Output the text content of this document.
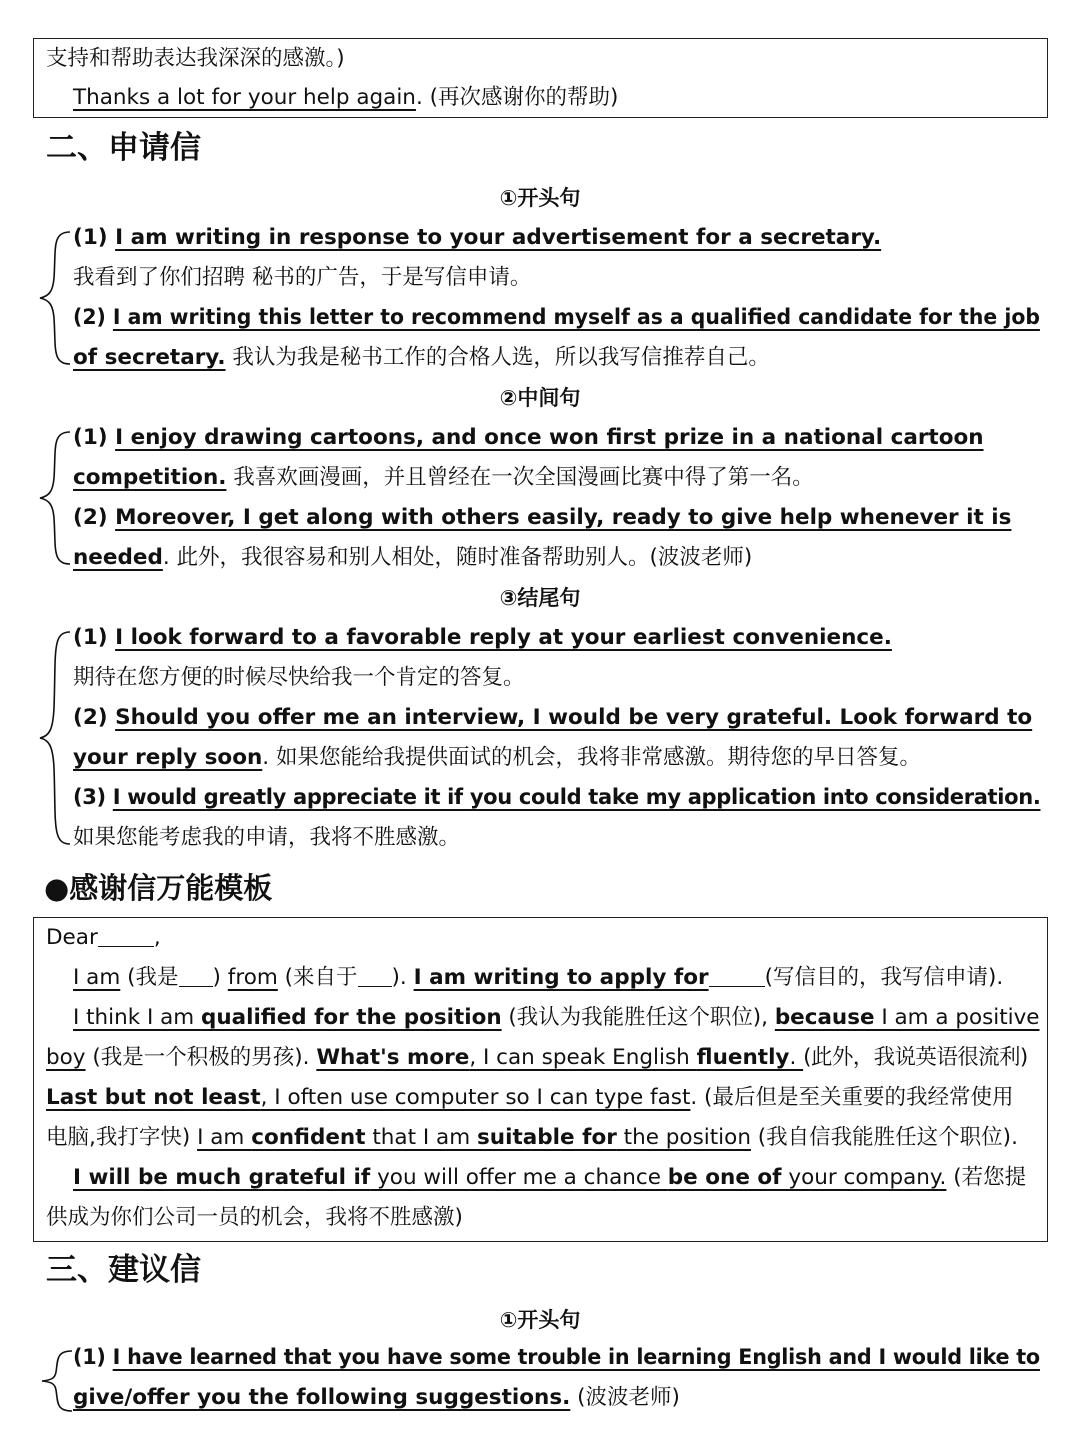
支持和帮助表达我深深的感激。)
Thanks a lot for your help again. (再次感谢你的帮助)
二、申请信
①开头句
(1) I am writing in response to your advertisement for a secretary.
我看到了你们招聘 秘书的广告，于是写信申请。
(2) I am writing this letter to recommend myself as a qualified candidate for the job
of secretary. 我认为我是秘书工作的合格人选，所以我写信推荐自己。
②中间句
(1) I enjoy drawing cartoons, and once won first prize in a national cartoon
competition. 我喜欢画漫画，并且曾经在一次全国漫画比赛中得了第一名。
(2) Moreover, I get along with others easily, ready to give help whenever it is
needed. 此外，我很容易和别人相处，随时准备帮助别人。(波波老师)
③结尾句
(1) I look forward to a favorable reply at your earliest convenience.
期待在您方便的时候尽快给我一个肯定的答复。
(2) Should you offer me an interview, I would be very grateful. Look forward to
your reply soon. 如果您能给我提供面试的机会，我将非常感激。期待您的早日答复。
(3) I would greatly appreciate it if you could take my application into consideration.
如果您能考虑我的申请，我将不胜感激。
●感谢信万能模板
Dear	,
I am (我是 ) from (来自于 ). I am writing to apply for	(写信目的，我写信申请).
I think I am qualified for the position (我认为我能胜任这个职位), because I am a positive
boy (我是一个积极的男孩). What's more, I can speak English fluently. (此外，我说英语很流利)
Last but not least, I often use computer so I can type fast. (最后但是至关重要的我经常使用
电脑,我打字快) I am confident that I am suitable for the position (我自信我能胜任这个职位).
I will be much grateful if you will offer me a chance be one of your company. (若您提
供成为你们公司一员的机会，我将不胜感激)
三、建议信
①开头句
(1) I have learned that you have some trouble in learning English and I would like to
give/offer you the following suggestions. (波波老师)
